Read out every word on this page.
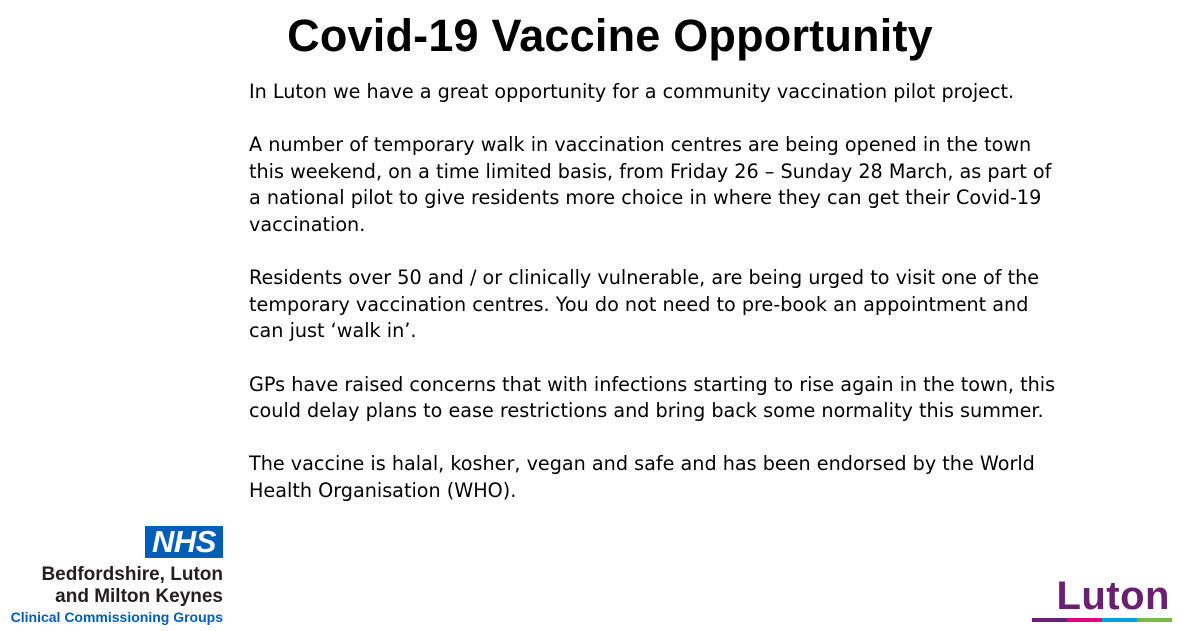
Covid-19 Vaccine Opportunity

In Luton we have a great opportunity for a community vaccination pilot project.

A number of temporary walk in vaccination centres are being opened in the town
this weekend, on a time limited basis, from Friday 26 – Sunday 28 March, as part of
a national pilot to give residents more choice in where they can get their Covid-19
vaccination.

Residents over 50 and / or clinically vulnerable, are being urged to visit one of the
temporary vaccination centres. You do not need to pre-book an appointment and
can just ‘walk in’.

GPs have raised concerns that with infections starting to rise again in the town, this
could delay plans to ease restrictions and bring back some normality this summer.

The vaccine is halal, kosher, vegan and safe and has been endorsed by the World
Health Organisation (WHO).

NHS
Bedfordshire, Luton
and Milton Keynes
Clinical Commissioning Groups	Luton
